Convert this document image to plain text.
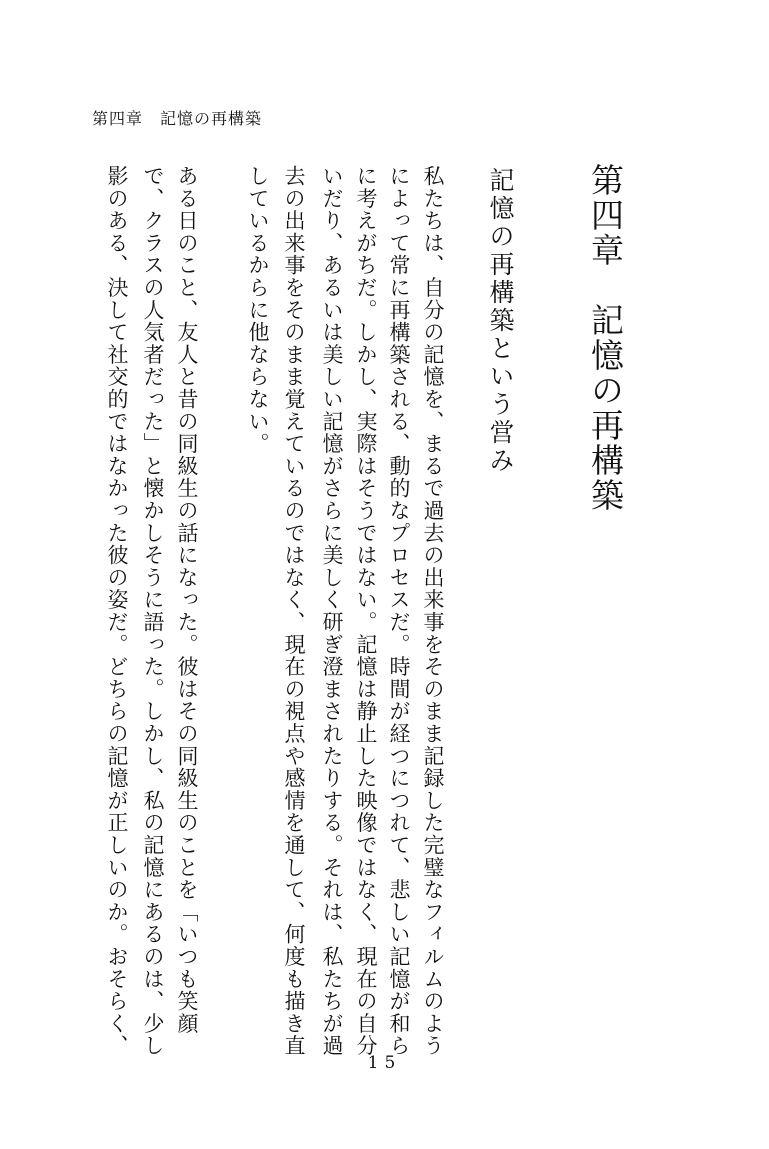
第四章　記憶の再構築
第四章　記憶の再構築
記憶の再構築という営み
私たちは、自分の記憶を、まるで過去の出来事をそのまま記録した完璧なフィルムのよう
に考えがちだ。しかし、実際はそうではない。記憶は静止した映像ではなく、現在の自分 によって常に再構築される、動的なプロセスだ。時間が経つにつれて、悲しい記憶が和ら
いだり、あるいは美しい記憶がさらに美しく研ぎ澄まされたりする。それは、私たちが過
去の出来事をそのまま覚えているのではなく、現在の視点や感情を通して、何度も描き直
しているからに他ならない。
ある日のこと、友人と昔の同級生の話になった。彼はその同級生のことを「いつも笑顔
で、クラスの人気者だった」と懐かしそうに語った。しかし、私の記憶にあるのは、少し
影のある、決して社交的ではなかった彼の姿だ。どちらの記憶が正しいのか。おそらく、
15
